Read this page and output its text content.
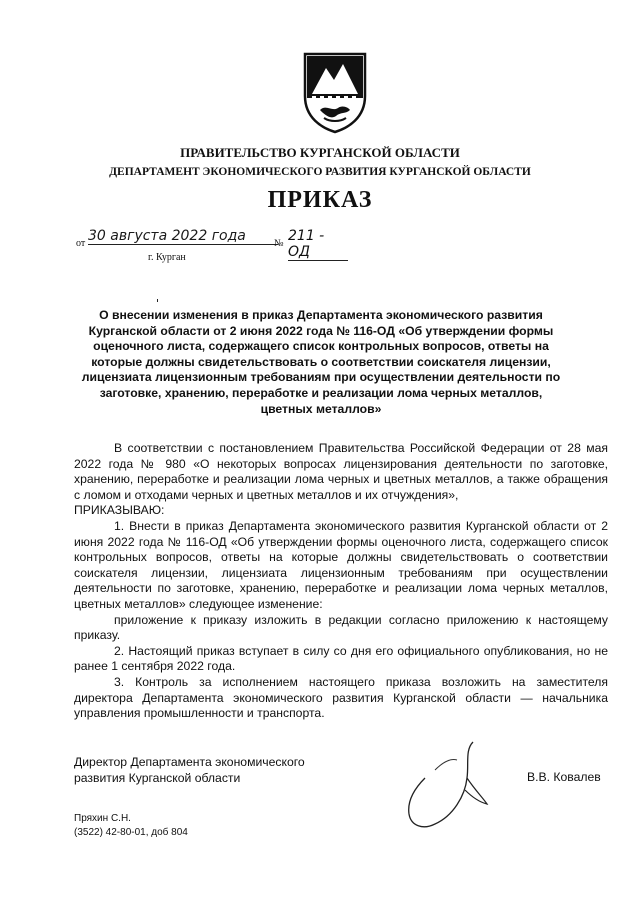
ПРАВИТЕЛЬСТВО КУРГАНСКОЙ ОБЛАСТИ
ДЕПАРТАМЕНТ ЭКОНОМИЧЕСКОГО РАЗВИТИЯ КУРГАНСКОЙ ОБЛАСТИ
ПРИКАЗ
от 30 августа 2022 года	№ 211 - ОД
г. Курган
О внесении изменения в приказ Департамента экономического развития Курганской области от 2 июня 2022 года № 116-ОД «Об утверждении формы оценочного листа, содержащего список контрольных вопросов, ответы на которые должны свидетельствовать о соответствии соискателя лицензии, лицензиата лицензионным требованиям при осуществлении деятельности по заготовке, хранению, переработке и реализации лома черных металлов, цветных металлов»

В соответствии с постановлением Правительства Российской Федерации от 28 мая 2022 года № 980 «О некоторых вопросах лицензирования деятельности по заготовке, хранению, переработке и реализации лома черных и цветных металлов, а также обращения с ломом и отходами черных и цветных металлов и их отчуждения»,

ПРИКАЗЫВАЮ:

1. Внести в приказ Департамента экономического развития Курганской области от 2 июня 2022 года № 116-ОД «Об утверждении формы оценочного листа, содержащего список контрольных вопросов, ответы на которые должны свидетельствовать о соответствии соискателя лицензии, лицензиата лицензионным требованиям при осуществлении деятельности по заготовке, хранению, переработке и реализации лома черных металлов, цветных металлов» следующее изменение:

приложение к приказу изложить в редакции согласно приложению к настоящему приказу.

2. Настоящий приказ вступает в силу со дня его официального опубликования, но не ранее 1 сентября 2022 года.

3. Контроль за исполнением настоящего приказа возложить на заместителя директора Департамента экономического развития Курганской области — начальника управления промышленности и транспорта.

Директор Департамента экономического
развития Курганской области	В.В. Ковалев
Пряхин С.Н.
(3522) 42-80-01, доб 804
